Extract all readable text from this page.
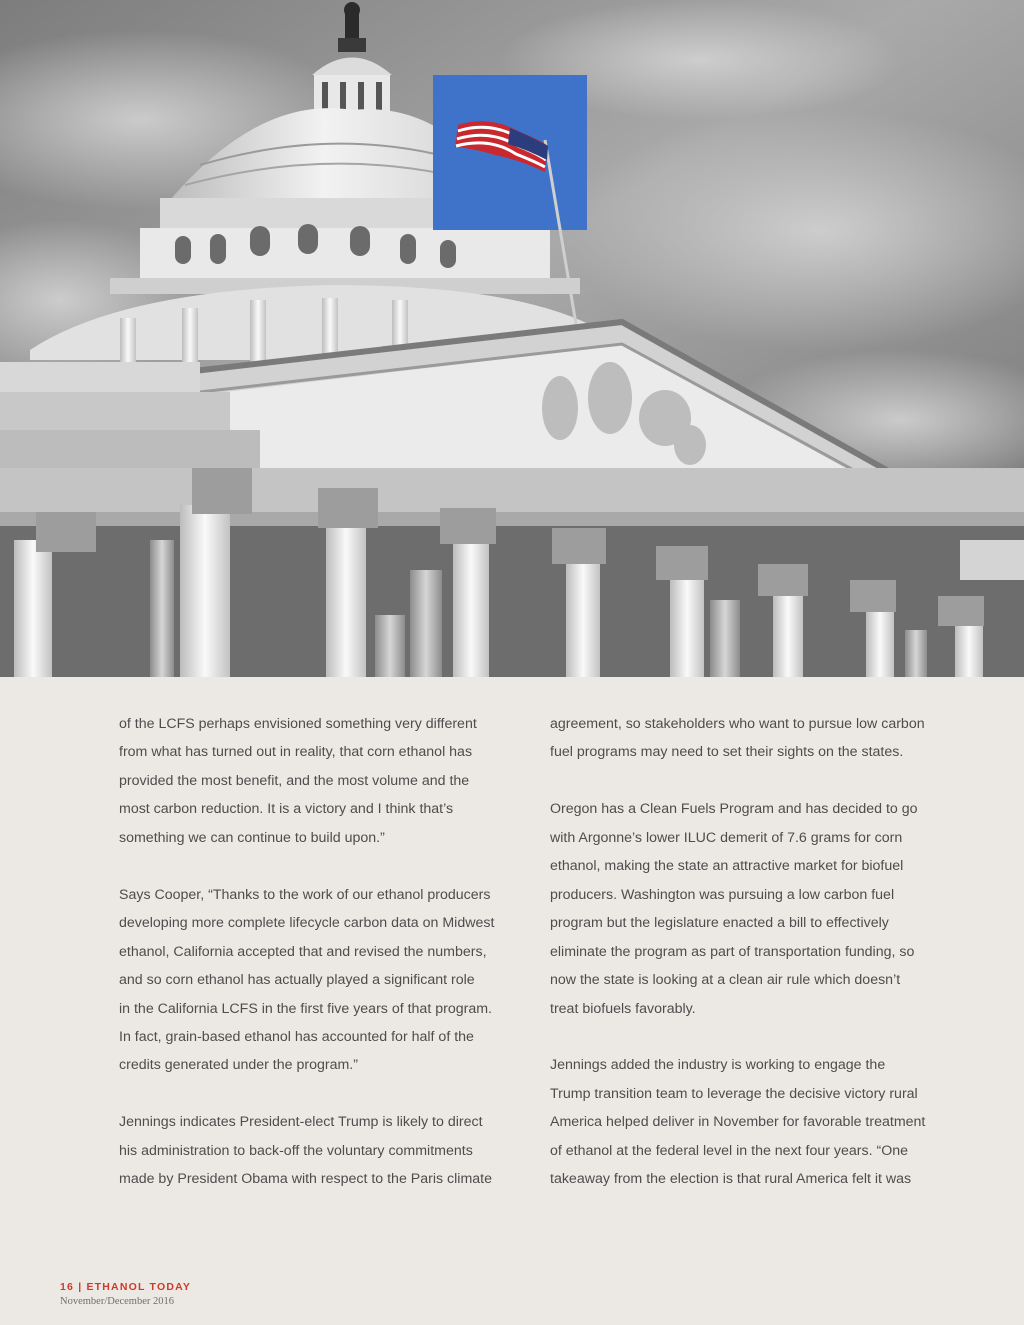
of the LCFS perhaps envisioned something very different
from what has turned out in reality, that corn ethanol has
provided the most benefit, and the most volume and the
most carbon reduction. It is a victory and I think that’s
something we can continue to build upon.”

Says Cooper, “Thanks to the work of our ethanol producers
developing more complete lifecycle carbon data on Midwest
ethanol, California accepted that and revised the numbers,
and so corn ethanol has actually played a significant role
in the California LCFS in the first five years of that program.
In fact, grain-based ethanol has accounted for half of the
credits generated under the program.”

Jennings indicates President-elect Trump is likely to direct
his administration to back-off the voluntary commitments
made by President Obama with respect to the Paris climate

agreement, so stakeholders who want to pursue low carbon
fuel programs may need to set their sights on the states.

Oregon has a Clean Fuels Program and has decided to go
with Argonne’s lower ILUC demerit of 7.6 grams for corn
ethanol, making the state an attractive market for biofuel
producers. Washington was pursuing a low carbon fuel
program but the legislature enacted a bill to effectively
eliminate the program as part of transportation funding, so
now the state is looking at a clean air rule which doesn’t
treat biofuels favorably.

Jennings added the industry is working to engage the
Trump transition team to leverage the decisive victory rural
America helped deliver in November for favorable treatment
of ethanol at the federal level in the next four years. “One
takeaway from the election is that rural America felt it was

16 | ETHANOL TODAY
November/December 2016
